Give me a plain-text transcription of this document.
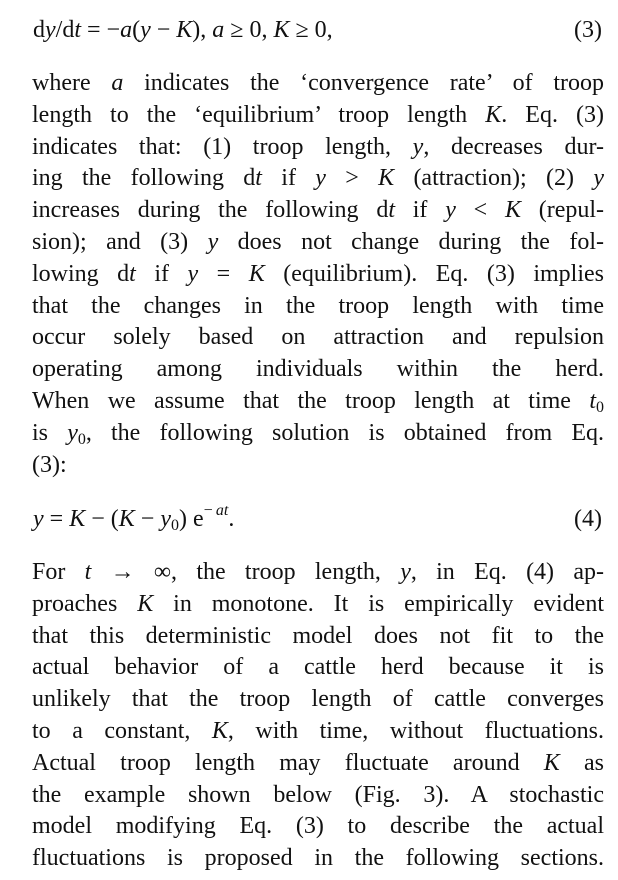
dy/dt = −a(y − K), a ≥ 0, K ≥ 0,	(3)
where a indicates the ‘convergence rate’ of troop
length to the ‘equilibrium’ troop length K. Eq. (3)
indicates that: (1) troop length, y, decreases dur-
ing the following dt if y > K (attraction); (2) y
increases during the following dt if y < K (repul-
sion); and (3) y does not change during the fol-
lowing dt if y = K (equilibrium). Eq. (3) implies
that the changes in the troop length with time
occur solely based on attraction and repulsion
operating among individuals within the herd.
When we assume that the troop length at time $t_0$
is $y_0$, the following solution is obtained from Eq.
(3):
$y = K - (K - y_0)$ $e^{- at}$.	(4)
For t → ∞, the troop length, y, in Eq. (4) ap-
proaches K in monotone. It is empirically evident
that this deterministic model does not fit to the
actual behavior of a cattle herd because it is
unlikely that the troop length of cattle converges
to a constant, K, with time, without fluctuations.
Actual troop length may fluctuate around K as
the example shown below (Fig. 3). A stochastic
model modifying Eq. (3) to describe the actual
fluctuations is proposed in the following sections.
